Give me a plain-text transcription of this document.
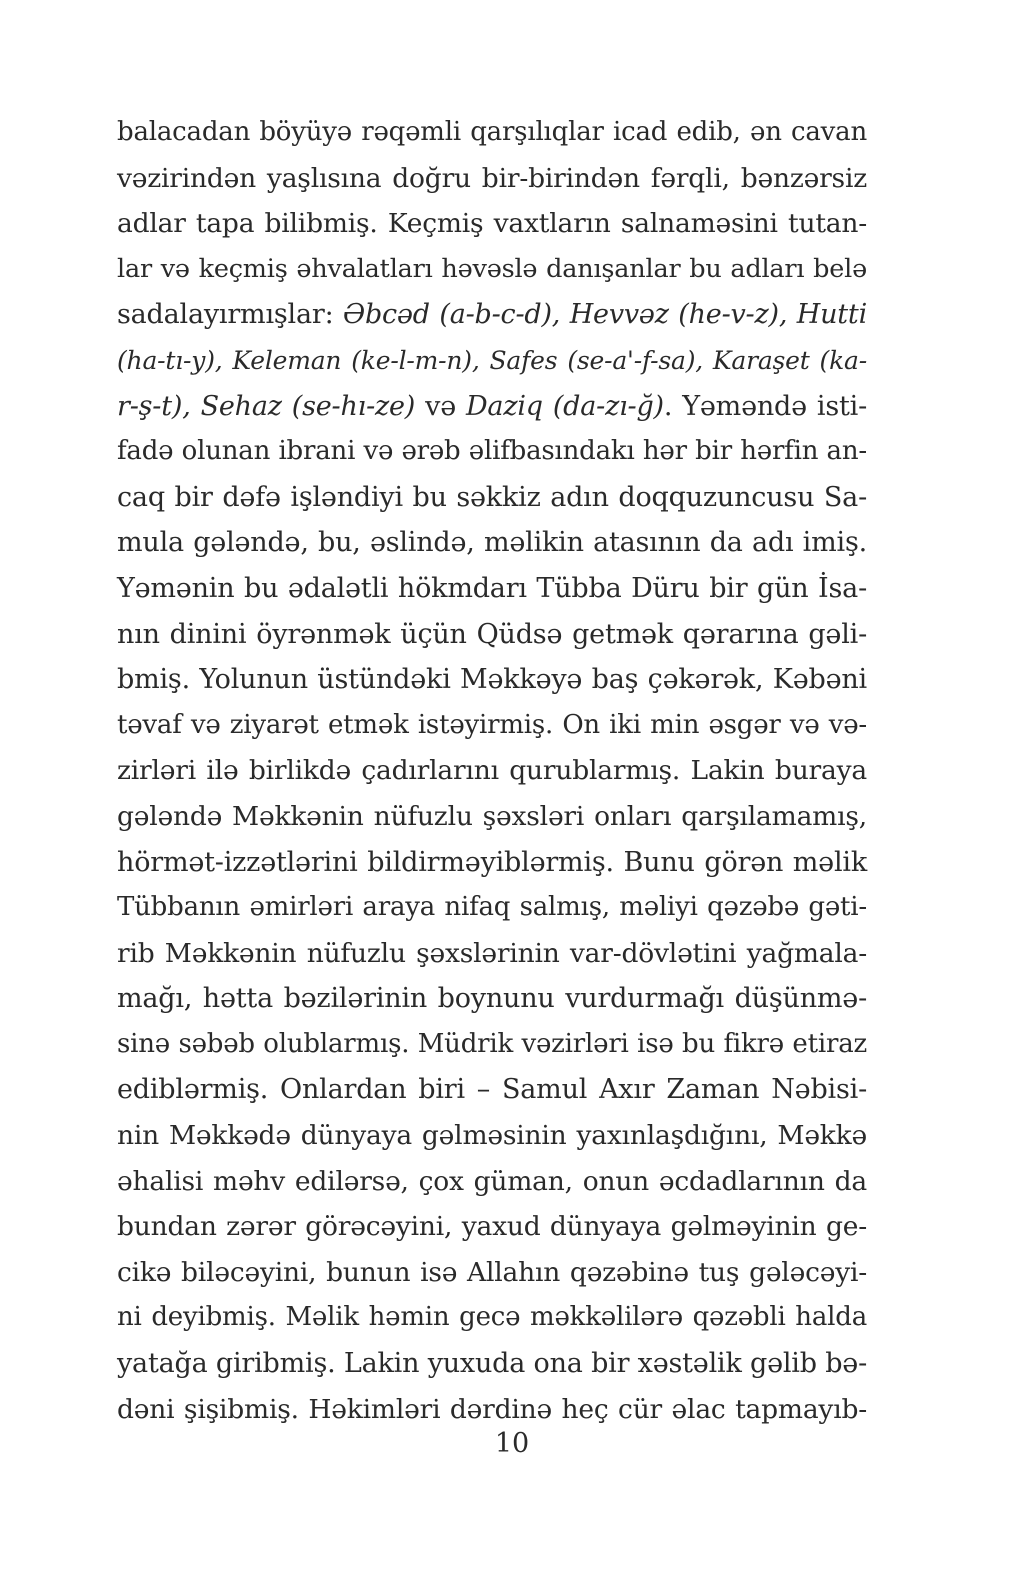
balacadan böyüyə rəqəmli qarşılıqlar icad edib, ən cavan
vəzirindən yaşlısına doğru bir-birindən fərqli, bənzərsiz
adlar tapa bilibmiş. Keçmiş vaxtların salnaməsini tutan-
lar və keçmiş əhvalatları həvəslə danışanlar bu adları belə
sadalayırmışlar: Əbcəd (a-b-c-d), Hevvəz (he-v-z), Hutti
(ha-tı-y), Keleman (ke-l-m-n), Safes (se-a'-f-sa), Karaşet (ka-
r-ş-t), Sehaz (se-hı-ze) və Daziq (da-zı-ğ). Yəməndə isti-
fadə olunan ibrani və ərəb əlifbasındakı hər bir hərfin an-
caq bir dəfə işləndiyi bu səkkiz adın doqquzuncusu Sa-
mula gələndə, bu, əslində, məlikin atasının da adı imiş.
Yəmənin bu ədalətli hökmdarı Tübba Düru bir gün İsa-
nın dinini öyrənmək üçün Qüdsə getmək qərarına gəli-
bmiş. Yolunun üstündəki Məkkəyə baş çəkərək, Kəbəni
təvaf və ziyarət etmək istəyirmiş. On iki min əsgər və və-
zirləri ilə birlikdə çadırlarını qurublarmış. Lakin buraya
gələndə Məkkənin nüfuzlu şəxsləri onları qarşılamamış,
hörmət-izzətlərini bildirməyiblərmiş. Bunu görən məlik
Tübbanın əmirləri araya nifaq salmış, məliyi qəzəbə gəti-
rib Məkkənin nüfuzlu şəxslərinin var-dövlətini yağmala-
mağı, hətta bəzilərinin boynunu vurdurmağı düşünmə-
sinə səbəb olublarmış. Müdrik vəzirləri isə bu fikrə etiraz
ediblərmiş. Onlardan biri – Samul Axır Zaman Nəbisi-
nin Məkkədə dünyaya gəlməsinin yaxınlaşdığını, Məkkə
əhalisi məhv edilərsə, çox güman, onun əcdadlarının da
bundan zərər görəcəyini, yaxud dünyaya gəlməyinin ge-
cikə biləcəyini, bunun isə Allahın qəzəbinə tuş gələcəyi-
ni deyibmiş. Məlik həmin gecə məkkəlilərə qəzəbli halda
yatağa giribmiş. Lakin yuxuda ona bir xəstəlik gəlib bə-
dəni şişibmiş. Həkimləri dərdinə heç cür əlac tapmayıb-
10
